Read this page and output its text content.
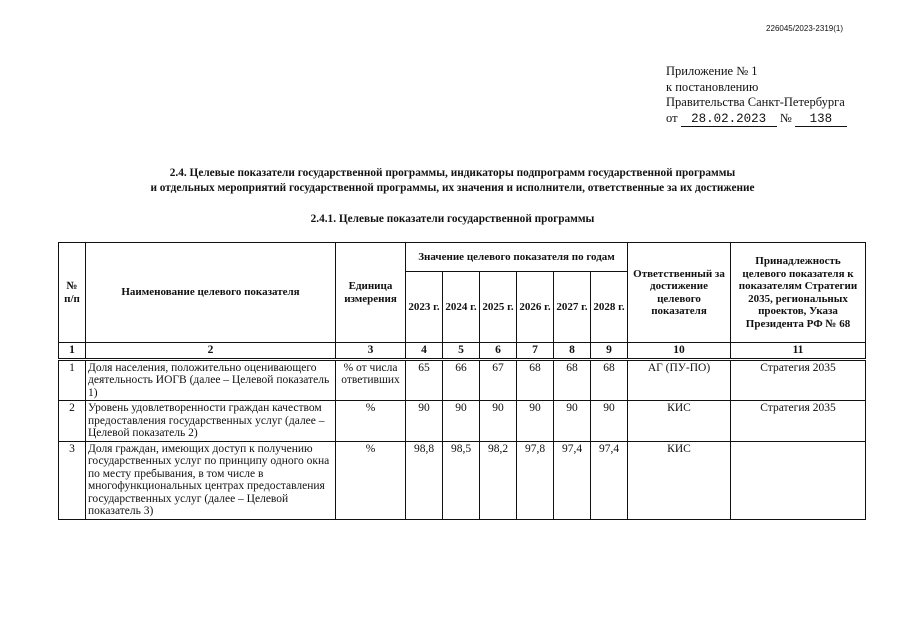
226045/2023-2319(1)
Приложение № 1
к постановлению
Правительства Санкт-Петербурга
от 28.02.2023 № 138
2.4. Целевые показатели государственной программы, индикаторы подпрограмм государственной программы
и отдельных мероприятий государственной программы, их значения и исполнители, ответственные за их достижение
2.4.1. Целевые показатели государственной программы
№ п/п	Наименование целевого показателя	Единица измерения	Значение целевого показателя по годам						Ответственный за достижение целевого показателя	Принадлежность целевого показателя к показателям Стратегии 2035, региональных проектов, Указа Президента РФ № 68
			2023 г.	2024 г.	2025 г.	2026 г.	2027 г.	2028 г.		
1	2	3	4	5	6	7	8	9	10	11
1	Доля населения, положительно оценивающего деятельность ИОГВ (далее – Целевой показатель 1)	% от числа ответивших	65	66	67	68	68	68	АГ (ПУ-ПО)	Стратегия 2035
2	Уровень удовлетворенности граждан качеством предоставления государственных услуг (далее – Целевой показатель 2)	%	90	90	90	90	90	90	КИС	Стратегия 2035
3	Доля граждан, имеющих доступ к получению государственных услуг по принципу одного окна по месту пребывания, в том числе в многофункциональных центрах предоставления государственных услуг (далее – Целевой показатель 3)	%	98,8	98,5	98,2	97,8	97,4	97,4	КИС	
